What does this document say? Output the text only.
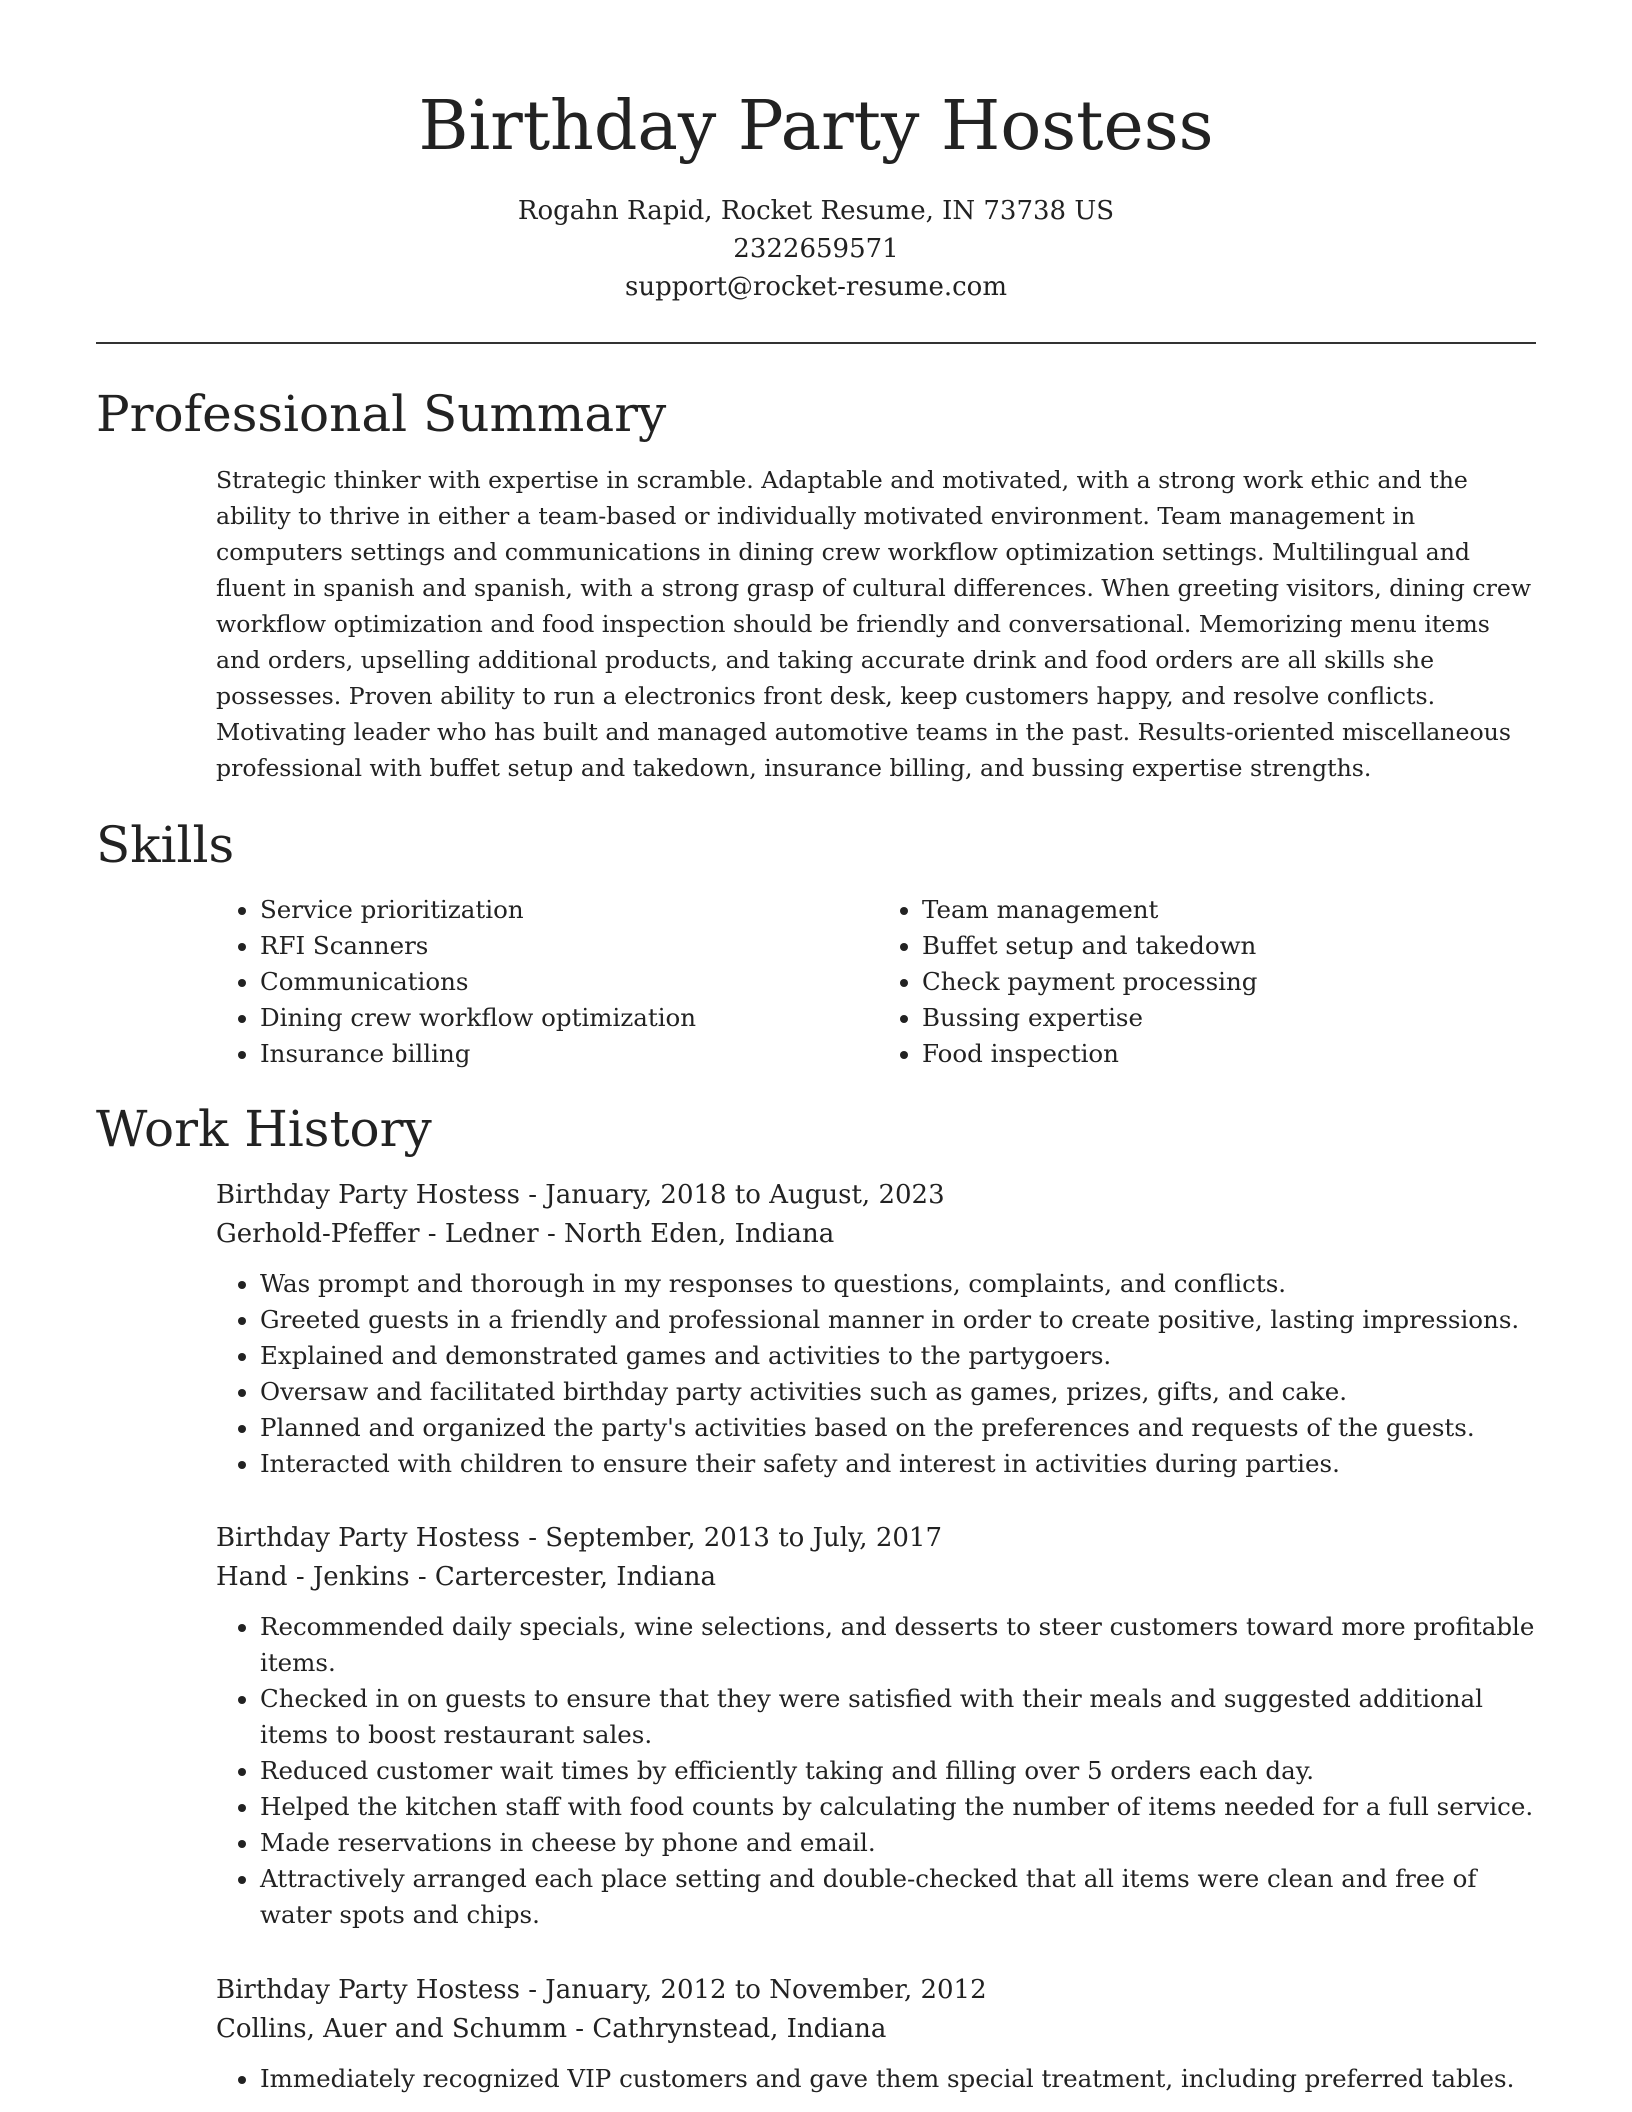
Birthday Party Hostess

Rogahn Rapid, Rocket Resume, IN 73738 US

2322659571

support@rocket-resume.com

Professional Summary

Strategic thinker with expertise in scramble. Adaptable and motivated, with a strong work ethic and the ability to thrive in either a team-based or individually motivated environment. Team management in computers settings and communications in dining crew workflow optimization settings. Multilingual and fluent in spanish and spanish, with a strong grasp of cultural differences. When greeting visitors, dining crew workflow optimization and food inspection should be friendly and conversational. Memorizing menu items and orders, upselling additional products, and taking accurate drink and food orders are all skills she possesses. Proven ability to run a electronics front desk, keep customers happy, and resolve conflicts. Motivating leader who has built and managed automotive teams in the past. Results-oriented miscellaneous professional with buffet setup and takedown, insurance billing, and bussing expertise strengths.

Skills
• Service prioritization
• RFI Scanners
• Communications
• Dining crew workflow optimization
• Insurance billing
• Team management
• Buffet setup and takedown
• Check payment processing
• Bussing expertise
• Food inspection
Work History

Birthday Party Hostess - January, 2018 to August, 2023

Gerhold-Pfeffer - Ledner - North Eden, Indiana

• Was prompt and thorough in my responses to questions, complaints, and conflicts.
• Greeted guests in a friendly and professional manner in order to create positive, lasting impressions.
• Explained and demonstrated games and activities to the partygoers.
• Oversaw and facilitated birthday party activities such as games, prizes, gifts, and cake.
• Planned and organized the party's activities based on the preferences and requests of the guests.
• Interacted with children to ensure their safety and interest in activities during parties.

Birthday Party Hostess - September, 2013 to July, 2017

Hand - Jenkins - Cartercester, Indiana

• Recommended daily specials, wine selections, and desserts to steer customers toward more profitable items.
• Checked in on guests to ensure that they were satisfied with their meals and suggested additional items to boost restaurant sales.
• Reduced customer wait times by efficiently taking and filling over 5 orders each day.
• Helped the kitchen staff with food counts by calculating the number of items needed for a full service.
• Made reservations in cheese by phone and email.
• Attractively arranged each place setting and double-checked that all items were clean and free of water spots and chips.

Birthday Party Hostess - January, 2012 to November, 2012

Collins, Auer and Schumm - Cathrynstead, Indiana

• Immediately recognized VIP customers and gave them special treatment, including preferred tables.
